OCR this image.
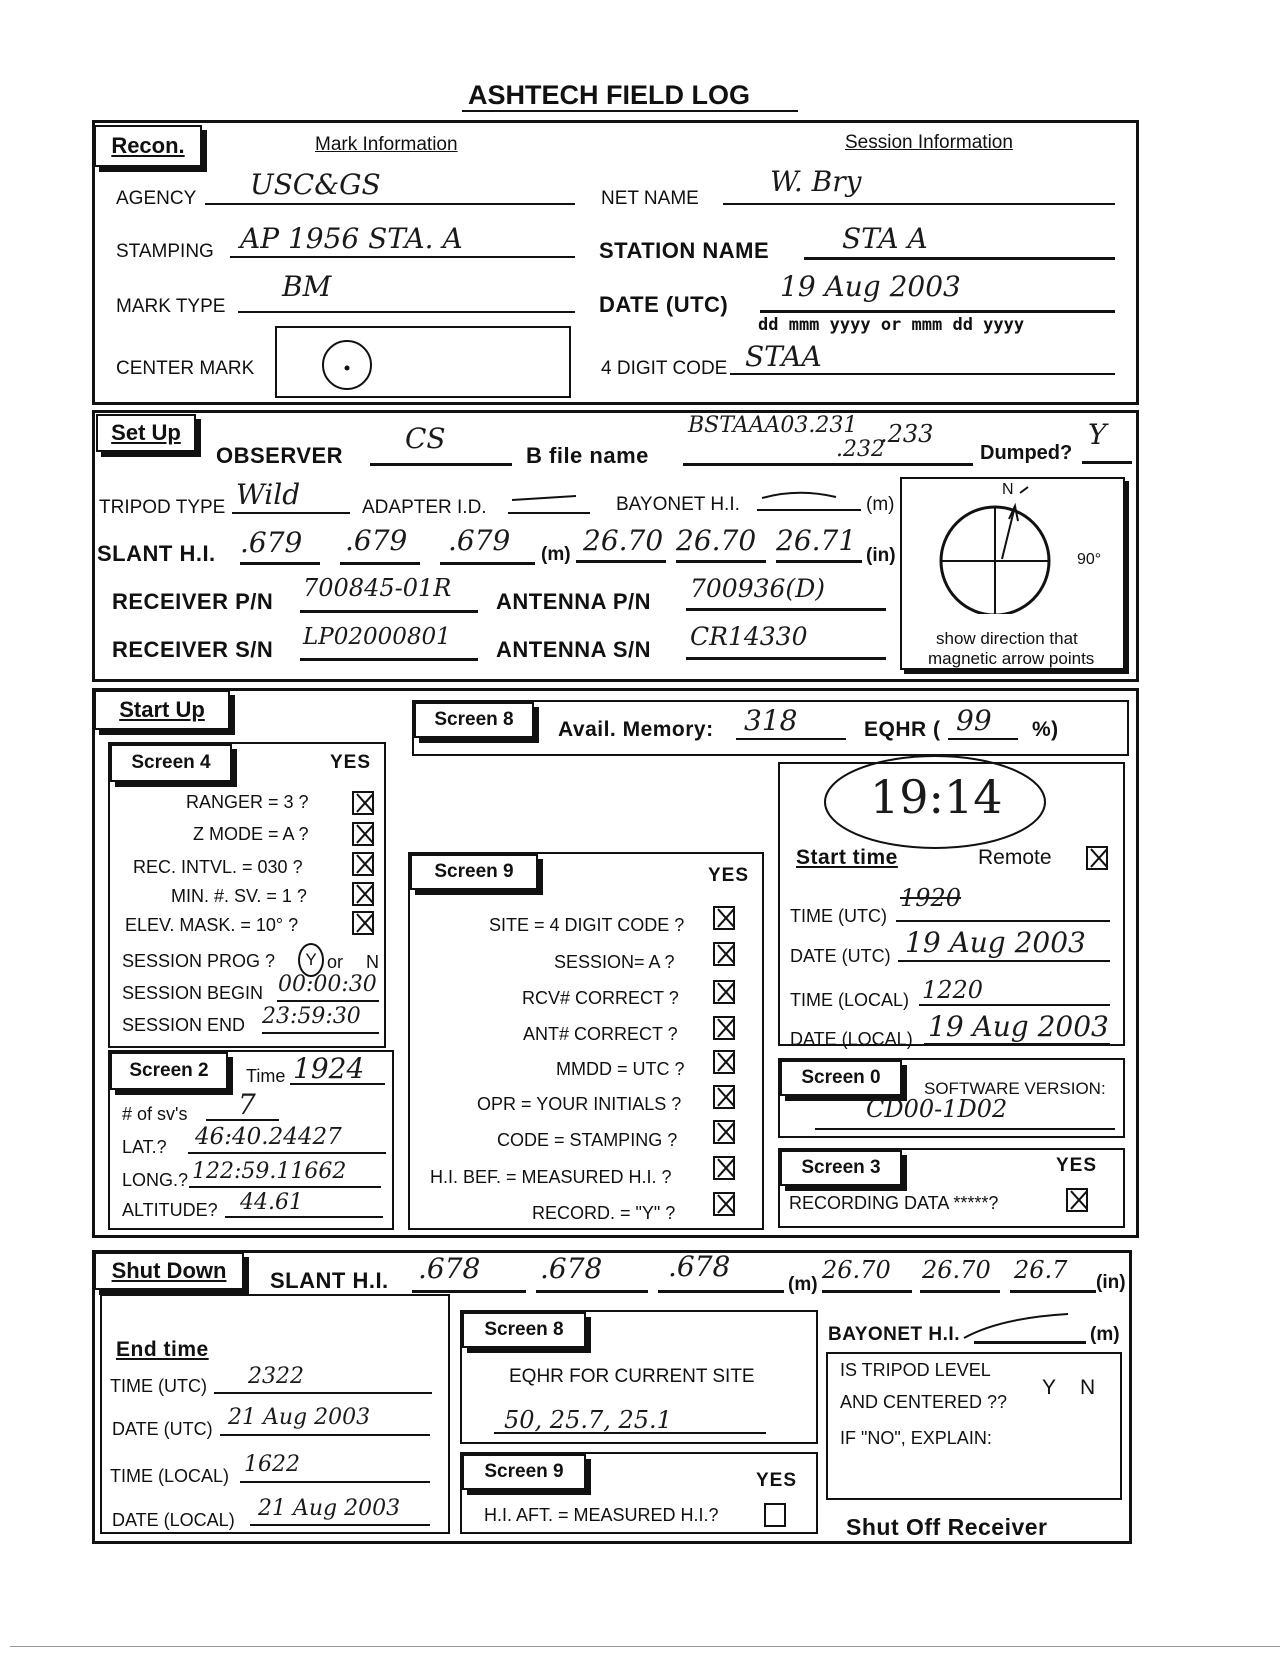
ASHTECH FIELD LOG
Recon.	Mark Information	Session Information
AGENCY USC&GS
STAMPING AP 1956 STA. A
MARK TYPE
BM
CENTER MARK
NET NAME
W. Bry
STATION NAME	STA A
DATE (UTC)
19 Aug 2003
dd mmm yyyy or mmm dd yyyy
4 DIGIT CODE STAA
Set Up
OBSERVER
CS
B file name
BSTAAA03.231
.232
.233
Dumped?
Y
TRIPOD TYPE Wild	ADAPTER I.D.	BAYONET H.I.	(m)
SLANT H.I. .679 .679 .679 (m) 26.70 26.70 26.71 (in)
RECEIVER P/N 700845-01R ANTENNA P/N 700936(D)
RECEIVER S/N LP02000801 ANTENNA S/N CR14330
N
90°
show direction that
magnetic arrow points
Start Up
Screen 4	YES
RANGER = 3 ?
Z MODE = A ?
REC. INTVL. = 030 ?
MIN. #. SV. = 1 ?
ELEV. MASK. = 10° ?
SESSION PROG ?	Y or N
SESSION BEGIN 00:00:30
SESSION END 23:59:30
Screen 2	Time 1924
# of sv's 7
LAT.? 46:40.24427
LONG.? 122:59.11662
ALTITUDE? 44.61
Screen 8	Avail. Memory: 318	EQHR ( 99 %)
Screen 9	YES
SITE = 4 DIGIT CODE ?
SESSION= A ?
RCV# CORRECT ?
ANT# CORRECT ?
MMDD = UTC ?
OPR = YOUR INITIALS ?
CODE = STAMPING ?
H.I. BEF. = MEASURED H.I. ?
RECORD. = "Y" ?
19:14
Start time	Remote
TIME (UTC)
1920
DATE (UTC) 19 Aug 2003
TIME (LOCAL) 1220
DATE (LOCAL) 19 Aug 2003
Screen 0
SOFTWARE VERSION:
CD00-1D02
Screen 3	YES
RECORDING DATA *****?
Shut Down	SLANT H.I. .678 .678 .678
(m)
26.70 26.70 26.7 (in)
End time
TIME (UTC) 2322
DATE (UTC) 21 Aug 2003
TIME (LOCAL) 1622
DATE (LOCAL) 21 Aug 2003
Screen 8
EQHR FOR CURRENT SITE
50, 25.7, 25.1
Screen 9	YES
H.I. AFT. = MEASURED H.I.?
BAYONET H.I.	(m)
IS TRIPOD LEVEL
AND CENTERED ??
Y N
IF "NO", EXPLAIN:
Shut Off Receiver
